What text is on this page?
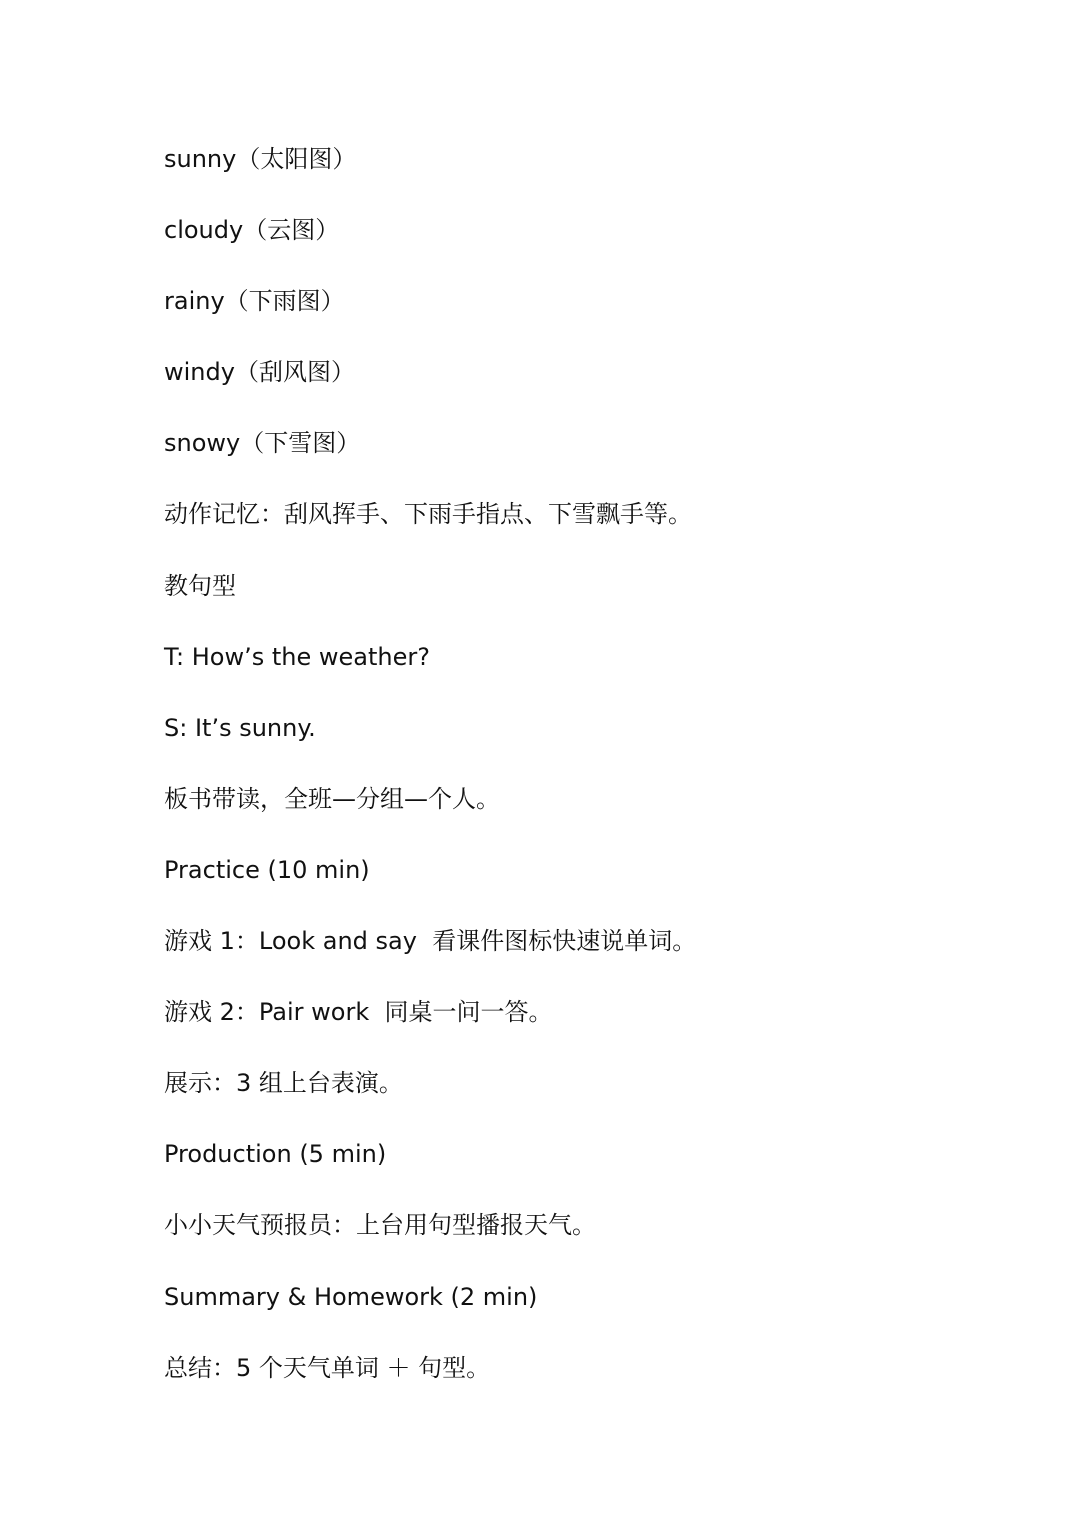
sunny（太阳图）
cloudy（云图）
rainy（下雨图）
windy（刮风图）
snowy（下雪图）
动作记忆：刮风挥手、下雨手指点、下雪飘手等。
教句型
T: How’s the weather?
S: It’s sunny.
板书带读，全班—分组—个人。
Practice (10 min)
游戏 1：Look and say  看课件图标快速说单词。
游戏 2：Pair work  同桌一问一答。
展示：3 组上台表演。
Production (5 min)
小小天气预报员：上台用句型播报天气。
Summary & Homework (2 min)
总结：5 个天气单词 ＋ 句型。
